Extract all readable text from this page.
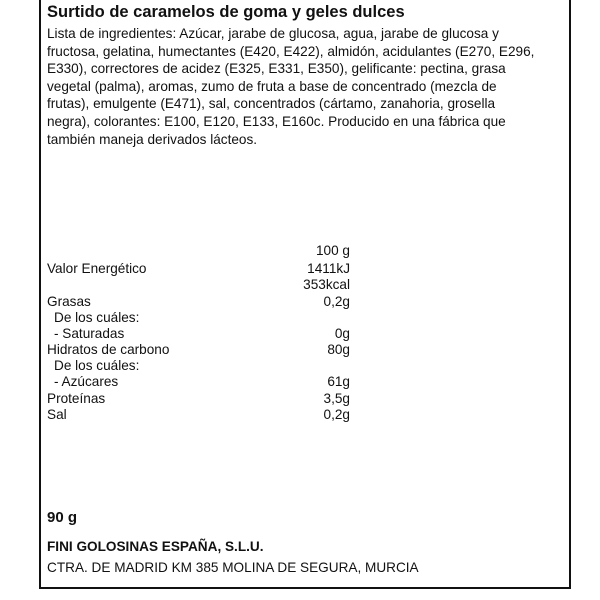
Surtido de caramelos de goma y geles dulces
Lista de ingredientes: Azúcar, jarabe de glucosa, agua, jarabe de glucosa y
fructosa, gelatina, humectantes (E420, E422), almidón, acidulantes (E270, E296,
E330), correctores de acidez (E325, E331, E350), gelificante: pectina, grasa
vegetal (palma), aromas, zumo de fruta a base de concentrado (mezcla de
frutas), emulgente (E471), sal, concentrados (cártamo, zanahoria, grosella
negra), colorantes: E100, E120, E133, E160c. Producido en una fábrica que
también maneja derivados lácteos.
100 g
Valor Energético	1411kJ
353kcal
Grasas	0,2g
De los cuáles:
- Saturadas	0g
Hidratos de carbono	80g
De los cuáles:
- Azúcares	61g
Proteínas	3,5g
Sal	0,2g
90 g
FINI GOLOSINAS ESPAÑA, S.L.U.
CTRA. DE MADRID KM 385 MOLINA DE SEGURA, MURCIA
